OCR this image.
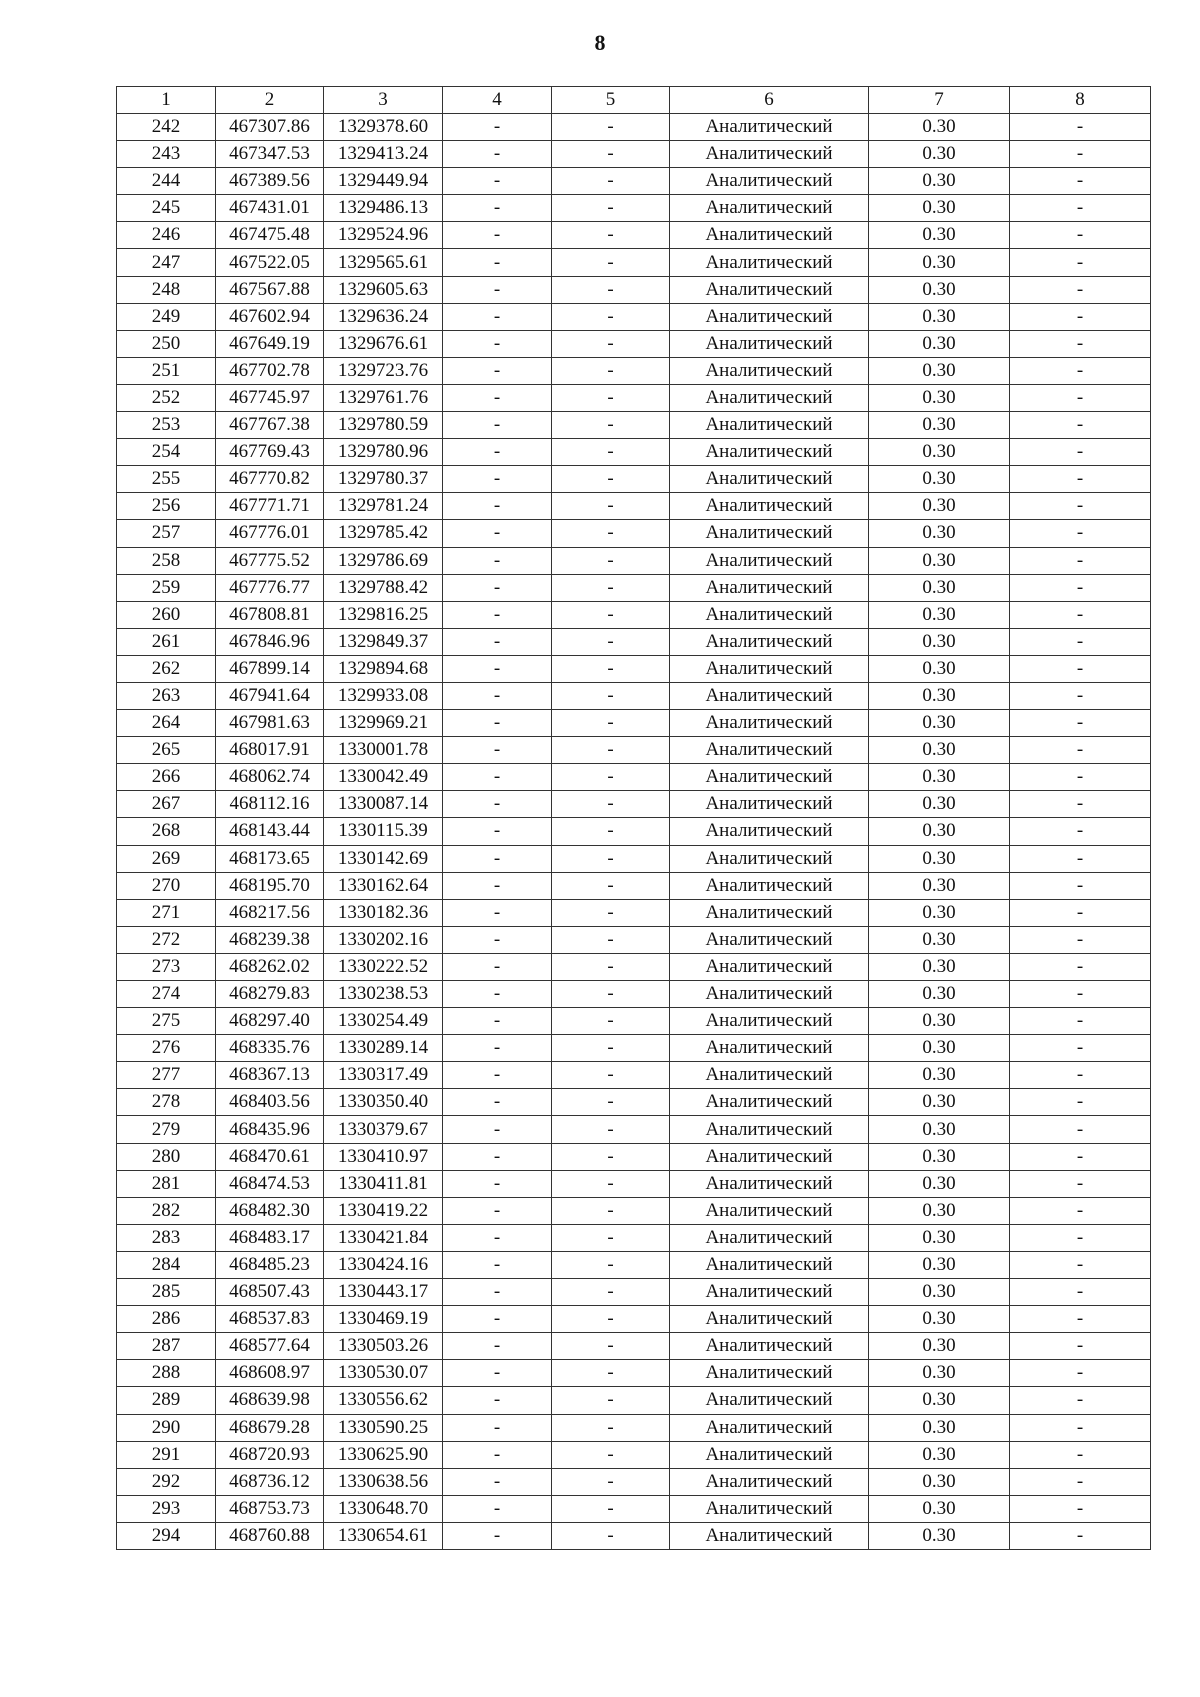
8
1	2	3	4	5	6	7	8
242	467307.86	1329378.60	-	-	Аналитический	0.30	-
243	467347.53	1329413.24	-	-	Аналитический	0.30	-
244	467389.56	1329449.94	-	-	Аналитический	0.30	-
245	467431.01	1329486.13	-	-	Аналитический	0.30	-
246	467475.48	1329524.96	-	-	Аналитический	0.30	-
247	467522.05	1329565.61	-	-	Аналитический	0.30	-
248	467567.88	1329605.63	-	-	Аналитический	0.30	-
249	467602.94	1329636.24	-	-	Аналитический	0.30	-
250	467649.19	1329676.61	-	-	Аналитический	0.30	-
251	467702.78	1329723.76	-	-	Аналитический	0.30	-
252	467745.97	1329761.76	-	-	Аналитический	0.30	-
253	467767.38	1329780.59	-	-	Аналитический	0.30	-
254	467769.43	1329780.96	-	-	Аналитический	0.30	-
255	467770.82	1329780.37	-	-	Аналитический	0.30	-
256	467771.71	1329781.24	-	-	Аналитический	0.30	-
257	467776.01	1329785.42	-	-	Аналитический	0.30	-
258	467775.52	1329786.69	-	-	Аналитический	0.30	-
259	467776.77	1329788.42	-	-	Аналитический	0.30	-
260	467808.81	1329816.25	-	-	Аналитический	0.30	-
261	467846.96	1329849.37	-	-	Аналитический	0.30	-
262	467899.14	1329894.68	-	-	Аналитический	0.30	-
263	467941.64	1329933.08	-	-	Аналитический	0.30	-
264	467981.63	1329969.21	-	-	Аналитический	0.30	-
265	468017.91	1330001.78	-	-	Аналитический	0.30	-
266	468062.74	1330042.49	-	-	Аналитический	0.30	-
267	468112.16	1330087.14	-	-	Аналитический	0.30	-
268	468143.44	1330115.39	-	-	Аналитический	0.30	-
269	468173.65	1330142.69	-	-	Аналитический	0.30	-
270	468195.70	1330162.64	-	-	Аналитический	0.30	-
271	468217.56	1330182.36	-	-	Аналитический	0.30	-
272	468239.38	1330202.16	-	-	Аналитический	0.30	-
273	468262.02	1330222.52	-	-	Аналитический	0.30	-
274	468279.83	1330238.53	-	-	Аналитический	0.30	-
275	468297.40	1330254.49	-	-	Аналитический	0.30	-
276	468335.76	1330289.14	-	-	Аналитический	0.30	-
277	468367.13	1330317.49	-	-	Аналитический	0.30	-
278	468403.56	1330350.40	-	-	Аналитический	0.30	-
279	468435.96	1330379.67	-	-	Аналитический	0.30	-
280	468470.61	1330410.97	-	-	Аналитический	0.30	-
281	468474.53	1330411.81	-	-	Аналитический	0.30	-
282	468482.30	1330419.22	-	-	Аналитический	0.30	-
283	468483.17	1330421.84	-	-	Аналитический	0.30	-
284	468485.23	1330424.16	-	-	Аналитический	0.30	-
285	468507.43	1330443.17	-	-	Аналитический	0.30	-
286	468537.83	1330469.19	-	-	Аналитический	0.30	-
287	468577.64	1330503.26	-	-	Аналитический	0.30	-
288	468608.97	1330530.07	-	-	Аналитический	0.30	-
289	468639.98	1330556.62	-	-	Аналитический	0.30	-
290	468679.28	1330590.25	-	-	Аналитический	0.30	-
291	468720.93	1330625.90	-	-	Аналитический	0.30	-
292	468736.12	1330638.56	-	-	Аналитический	0.30	-
293	468753.73	1330648.70	-	-	Аналитический	0.30	-
294	468760.88	1330654.61	-	-	Аналитический	0.30	-
